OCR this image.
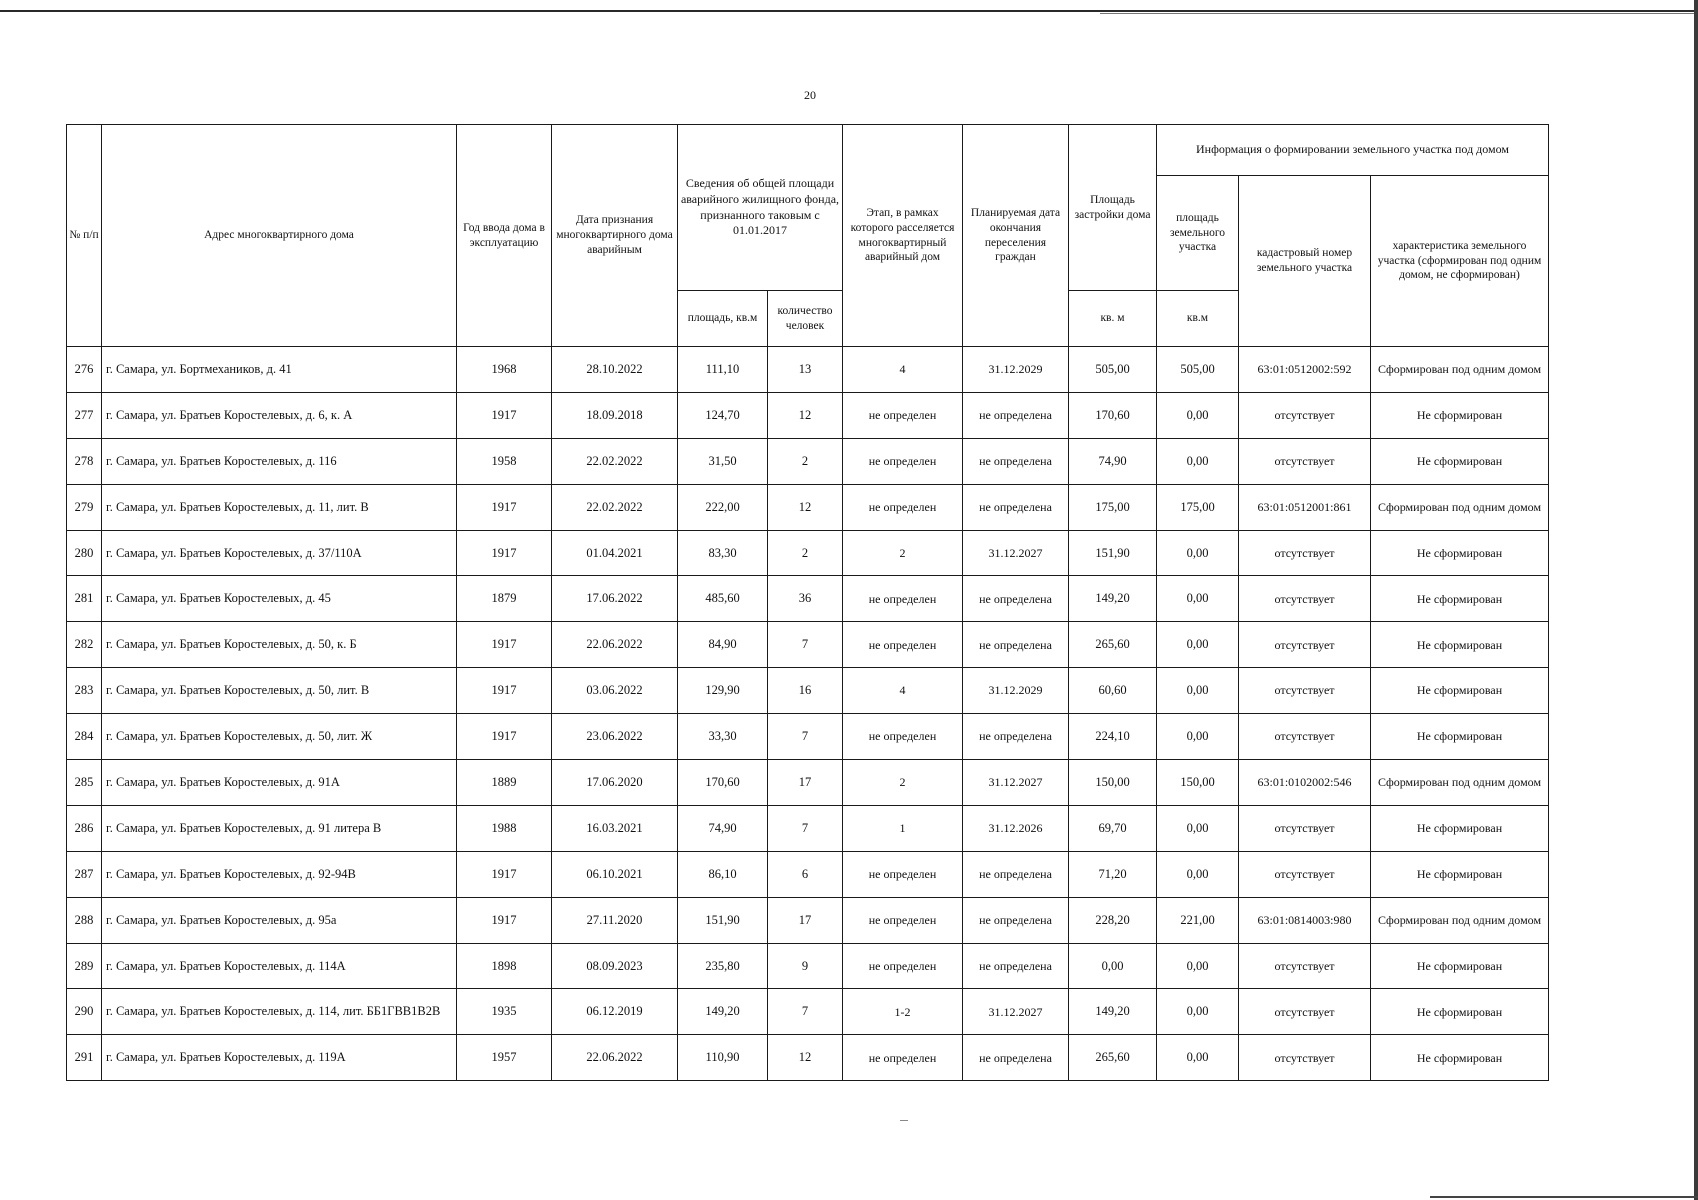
20
№ п/п	Адрес многоквартирного дома	Год ввода дома в эксплуатацию	Дата признания многоквартирного дома аварийным	Сведения об общей площади аварийного жилищного фонда, признанного таковым с 01.01.2017		Этап, в рамках которого расселяется многоквартирный аварийный дом	Планируемая дата окончания переселения граждан	Площадь застройки дома	Информация о формировании земельного участка под домом		
									площадь земельного участка	кадастровый номер земельного участка	характеристика земельного участка (сформирован под одним домом, не сформирован)
				площадь, кв.м	количество человек			кв. м	кв.м		
276	г. Самара, ул. Бортмехаников, д. 41	1968	28.10.2022	111,10	13	4	31.12.2029	505,00	505,00	63:01:0512002:592	Сформирован под одним домом
277	г. Самара, ул. Братьев Коростелевых, д. 6, к. А	1917	18.09.2018	124,70	12	не определен	не определена	170,60	0,00	отсутствует	Не сформирован
278	г. Самара, ул. Братьев Коростелевых, д. 116	1958	22.02.2022	31,50	2	не определен	не определена	74,90	0,00	отсутствует	Не сформирован
279	г. Самара, ул. Братьев Коростелевых, д. 11, лит. В	1917	22.02.2022	222,00	12	не определен	не определена	175,00	175,00	63:01:0512001:861	Сформирован под одним домом
280	г. Самара, ул. Братьев Коростелевых, д. 37/110А	1917	01.04.2021	83,30	2	2	31.12.2027	151,90	0,00	отсутствует	Не сформирован
281	г. Самара, ул. Братьев Коростелевых, д. 45	1879	17.06.2022	485,60	36	не определен	не определена	149,20	0,00	отсутствует	Не сформирован
282	г. Самара, ул. Братьев Коростелевых, д. 50, к. Б	1917	22.06.2022	84,90	7	не определен	не определена	265,60	0,00	отсутствует	Не сформирован
283	г. Самара, ул. Братьев Коростелевых, д. 50, лит. В	1917	03.06.2022	129,90	16	4	31.12.2029	60,60	0,00	отсутствует	Не сформирован
284	г. Самара, ул. Братьев Коростелевых, д. 50, лит. Ж	1917	23.06.2022	33,30	7	не определен	не определена	224,10	0,00	отсутствует	Не сформирован
285	г. Самара, ул. Братьев Коростелевых, д. 91А	1889	17.06.2020	170,60	17	2	31.12.2027	150,00	150,00	63:01:0102002:546	Сформирован под одним домом
286	г. Самара, ул. Братьев Коростелевых, д. 91 литера В	1988	16.03.2021	74,90	7	1	31.12.2026	69,70	0,00	отсутствует	Не сформирован
287	г. Самара, ул. Братьев Коростелевых, д. 92-94В	1917	06.10.2021	86,10	6	не определен	не определена	71,20	0,00	отсутствует	Не сформирован
288	г. Самара, ул. Братьев Коростелевых, д. 95а	1917	27.11.2020	151,90	17	не определен	не определена	228,20	221,00	63:01:0814003:980	Сформирован под одним домом
289	г. Самара, ул. Братьев Коростелевых, д. 114А	1898	08.09.2023	235,80	9	не определен	не определена	0,00	0,00	отсутствует	Не сформирован
290	г. Самара, ул. Братьев Коростелевых, д. 114, лит. ББ1ГВВ1В2В	1935	06.12.2019	149,20	7	1-2	31.12.2027	149,20	0,00	отсутствует	Не сформирован
291	г. Самара, ул. Братьев Коростелевых, д. 119А	1957	22.06.2022	110,90	12	не определен	не определена	265,60	0,00	отсутствует	Не сформирован
